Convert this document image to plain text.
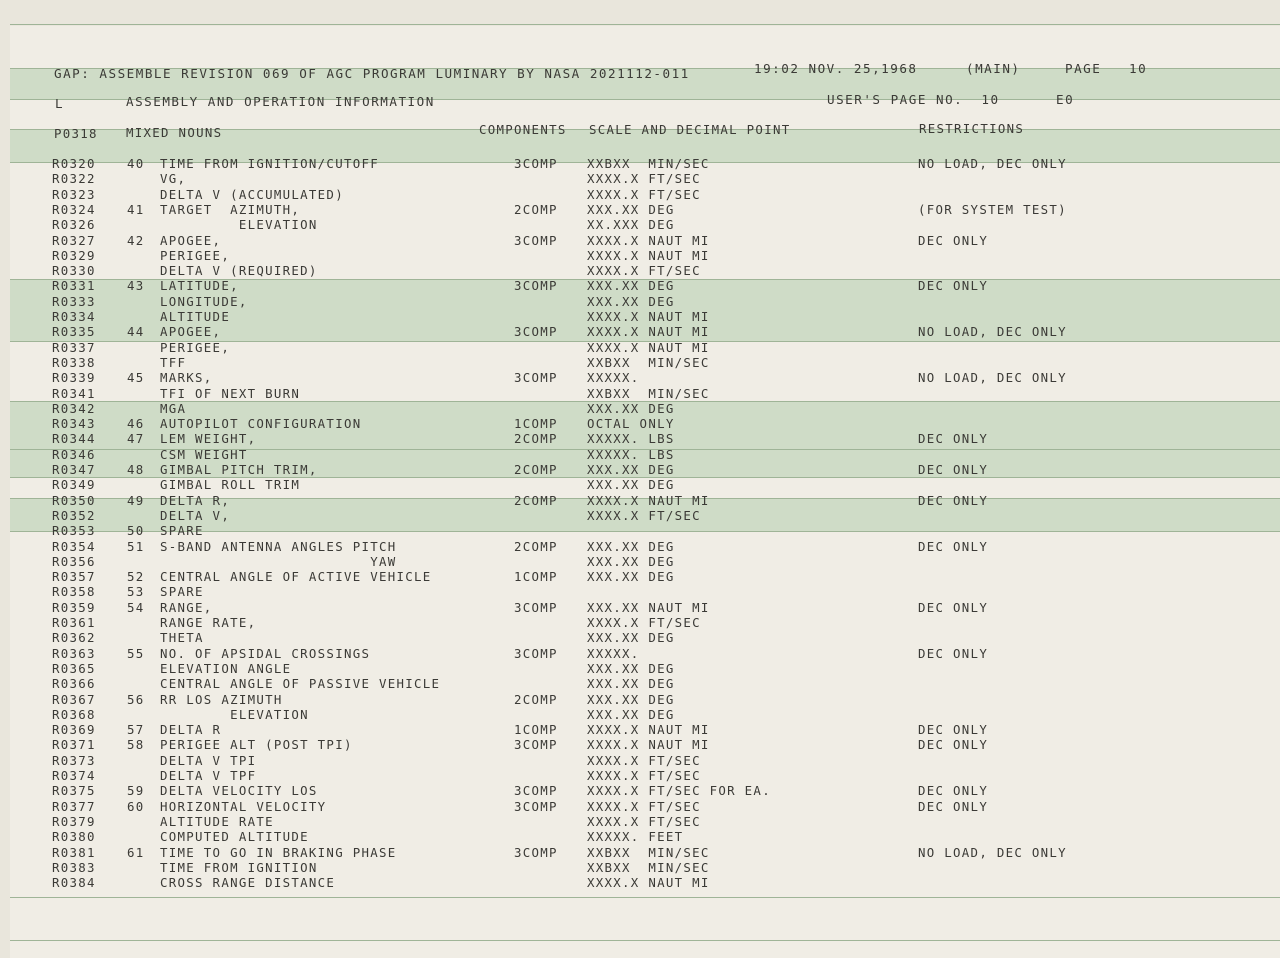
GAP: ASSEMBLE REVISION 069 OF AGC PROGRAM LUMINARY BY NASA 2021112-011	19:02 NOV. 25,1968	(MAIN)	PAGE 10
L	ASSEMBLY AND OPERATION INFORMATION	USER'S PAGE NO.  10	E0
P0318 MIXED NOUNS	COMPONENTS SCALE AND DECIMAL POINT	RESTRICTIONS
R0320	40 TIME FROM IGNITION/CUTOFF	3COMP XXBXX  MIN/SEC	NO LOAD, DEC ONLY
R0322	VG,	XXXX.X FT/SEC
R0323	DELTA V (ACCUMULATED)	XXXX.X FT/SEC
R0324	41 TARGET  AZIMUTH,	2COMP XXX.XX DEG	(FOR SYSTEM TEST)
R0326	ELEVATION	XX.XXX DEG
R0327	42 APOGEE,	3COMP XXXX.X NAUT MI	DEC ONLY
R0329	PERIGEE,	XXXX.X NAUT MI
R0330	DELTA V (REQUIRED)	XXXX.X FT/SEC
R0331	43 LATITUDE,	3COMP XXX.XX DEG	DEC ONLY
R0333	LONGITUDE,	XXX.XX DEG
R0334	ALTITUDE	XXXX.X NAUT MI
R0335	44 APOGEE,	3COMP XXXX.X NAUT MI	NO LOAD, DEC ONLY
R0337	PERIGEE,	XXXX.X NAUT MI
R0338	TFF	XXBXX  MIN/SEC
R0339	45 MARKS,	3COMP XXXXX.	NO LOAD, DEC ONLY
R0341	TFI OF NEXT BURN	XXBXX  MIN/SEC
R0342	MGA	XXX.XX DEG
R0343	46 AUTOPILOT CONFIGURATION	1COMP OCTAL ONLY
R0344	47 LEM WEIGHT,	2COMP XXXXX. LBS	DEC ONLY
R0346	CSM WEIGHT	XXXXX. LBS
R0347	48 GIMBAL PITCH TRIM,	2COMP XXX.XX DEG	DEC ONLY
R0349	GIMBAL ROLL TRIM	XXX.XX DEG
R0350	49 DELTA R,	2COMP XXXX.X NAUT MI	DEC ONLY
R0352	DELTA V,	XXXX.X FT/SEC
R0353	50 SPARE
R0354	51 S-BAND ANTENNA ANGLES PITCH	2COMP XXX.XX DEG	DEC ONLY
R0356	YAW	XXX.XX DEG
R0357	52 CENTRAL ANGLE OF ACTIVE VEHICLE	1COMP XXX.XX DEG
R0358	53 SPARE
R0359	54 RANGE,	3COMP XXX.XX NAUT MI	DEC ONLY
R0361	RANGE RATE,	XXXX.X FT/SEC
R0362	THETA	XXX.XX DEG
R0363	55 NO. OF APSIDAL CROSSINGS	3COMP XXXXX.	DEC ONLY
R0365	ELEVATION ANGLE	XXX.XX DEG
R0366	CENTRAL ANGLE OF PASSIVE VEHICLE	XXX.XX DEG
R0367	56 RR LOS AZIMUTH	2COMP XXX.XX DEG
R0368	ELEVATION	XXX.XX DEG
R0369	57 DELTA R	1COMP XXXX.X NAUT MI	DEC ONLY
R0371	58 PERIGEE ALT (POST TPI)	3COMP XXXX.X NAUT MI	DEC ONLY
R0373	DELTA V TPI	XXXX.X FT/SEC
R0374	DELTA V TPF	XXXX.X FT/SEC
R0375	59 DELTA VELOCITY LOS	3COMP XXXX.X FT/SEC FOR EA.	DEC ONLY
R0377	60 HORIZONTAL VELOCITY	3COMP XXXX.X FT/SEC	DEC ONLY
R0379	ALTITUDE RATE	XXXX.X FT/SEC
R0380	COMPUTED ALTITUDE	XXXXX. FEET
R0381	61 TIME TO GO IN BRAKING PHASE	3COMP XXBXX  MIN/SEC	NO LOAD, DEC ONLY
R0383	TIME FROM IGNITION	XXBXX  MIN/SEC
R0384	CROSS RANGE DISTANCE	XXXX.X NAUT MI
